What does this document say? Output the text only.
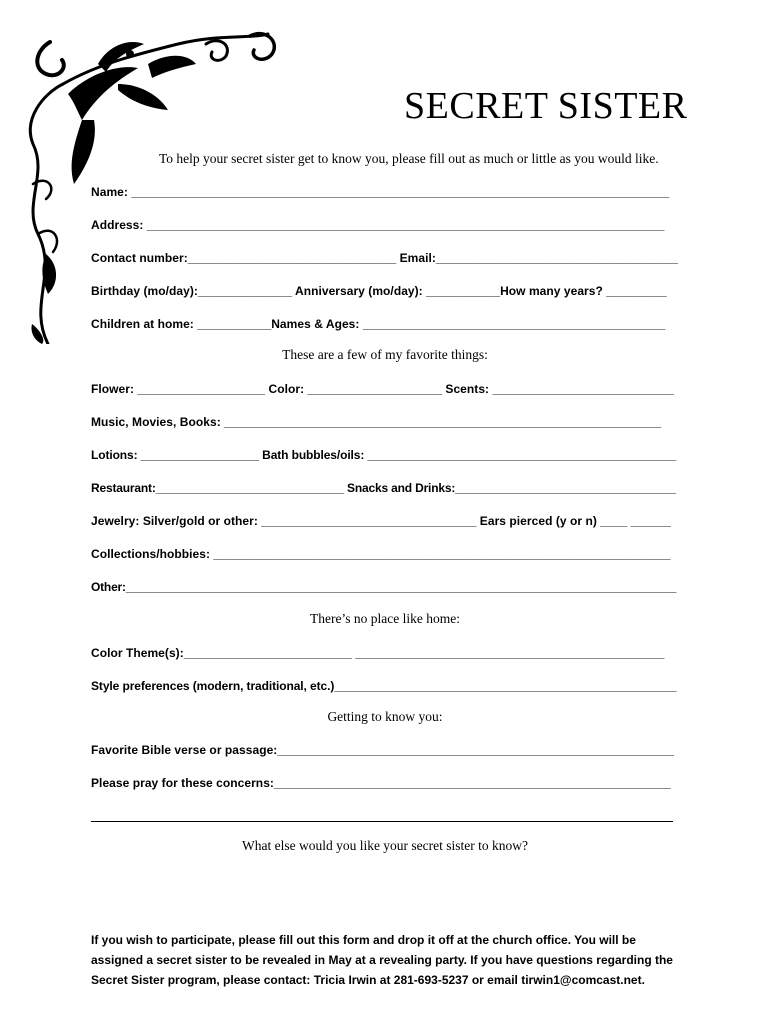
SECRET SISTER
To help your secret sister get to know you, please fill out as much or little as you would like.
Name: ________________________________________________________________________________
Address: _____________________________________________________________________________
Contact number:_______________________________ Email:____________________________________
Birthday (mo/day):______________ Anniversary (mo/day): ___________How many years? _________
Children at home: ___________Names & Ages: _____________________________________________
These are a few of my favorite things:
Flower: ___________________ Color: ____________________ Scents: ___________________________
Music, Movies, Books: _________________________________________________________________
Lotions: __________________ Bath bubbles/oils: _______________________________________________
Restaurant:_____________________________ Snacks and Drinks:__________________________________
Jewelry: Silver/gold or other: ________________________________ Ears pierced (y or n) ____ ______
Collections/hobbies: ____________________________________________________________________
Other:_____________________________________________________________________________________
There’s no place like home:
Color Theme(s):_________________________ ______________________________________________
Style preferences (modern, traditional, etc.)____________________________________________________
Getting to know you:
Favorite Bible verse or passage:___________________________________________________________
Please pray for these concerns:___________________________________________________________
What else would you like your secret sister to know?
If you wish to participate, please fill out this form and drop it off at the church office. You will be
assigned a secret sister to be revealed in May at a revealing party. If you have questions regarding the
Secret Sister program, please contact: Tricia Irwin at 281-693-5237 or email tirwin1@comcast.net.
